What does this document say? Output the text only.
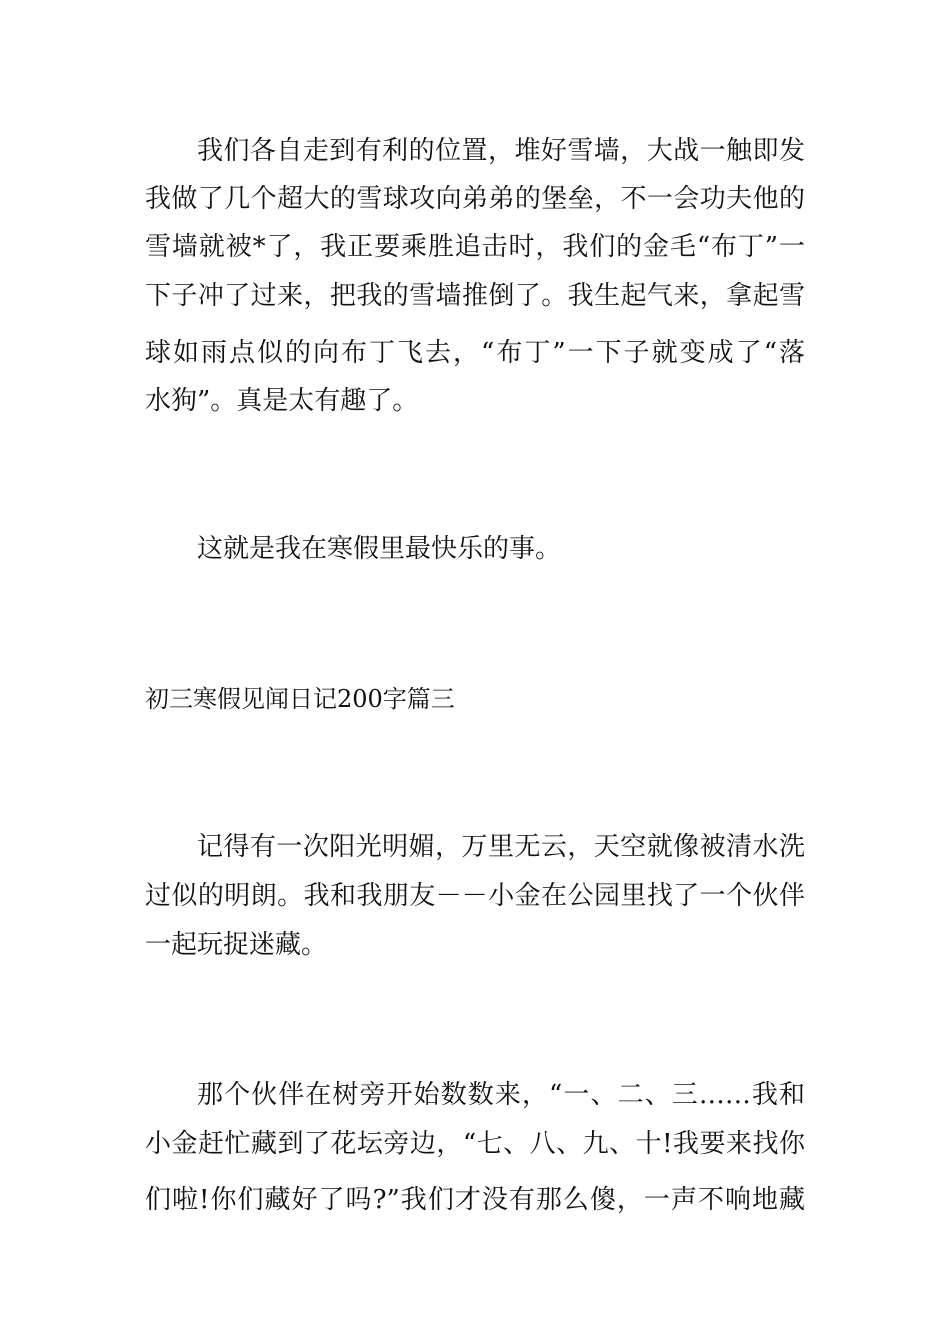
我们各自走到有利的位置，堆好雪墙，大战一触即发
我做了几个超大的雪球攻向弟弟的堡垒，不一会功夫他的
雪墙就被*了，我正要乘胜追击时，我们的金毛“布丁”一
下子冲了过来，把我的雪墙推倒了。我生起气来，拿起雪
球如雨点似的向布丁飞去，“布丁”一下子就变成了“落
水狗”。真是太有趣了。
这就是我在寒假里最快乐的事。
初三寒假见闻日记200字篇三
记得有一次阳光明媚，万里无云，天空就像被清水洗
过似的明朗。我和我朋友－－小金在公园里找了一个伙伴
一起玩捉迷藏。
那个伙伴在树旁开始数数来，“一、二、三……我和
小金赶忙藏到了花坛旁边，“七、八、九、十!我要来找你
们啦!你们藏好了吗?”我们才没有那么傻，一声不响地藏
